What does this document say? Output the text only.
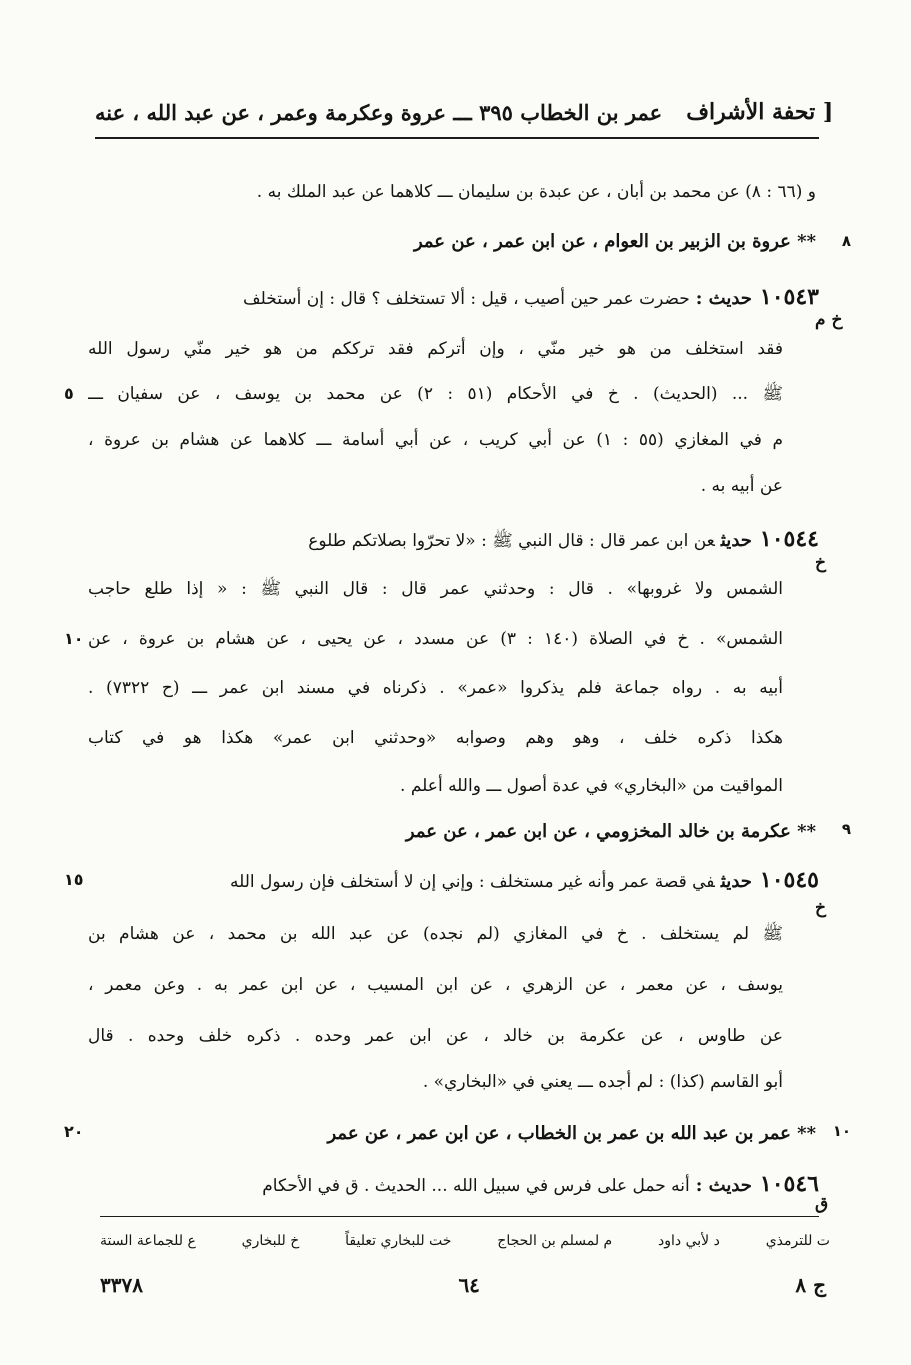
عمر بن الخطاب ٣٩٥ ـــ عروة وعكرمة وعمر ، عن عبد الله ، عنه [ تحفة الأشراف
و (٦٦ : ٨) عن محمد بن أبان ، عن عبدة بن سليمان ـــ كلاهما عن عبد الملك به .
٨
** عروة بن الزبير بن العوام ، عن ابن عمر ، عن عمر
١٠٥٤٣حديث :حضرت عمر حين أصيب ، قيل : ألا تستخلف ؟ قال : إن أستخلف
خ م
فقد استخلف من هو خير منّي ، وإن أتركم فقد ترككم من هو خير منّي رسول الله
ﷺ ... (الحديث) . خ في الأحكام (٥١ : ٢) عن محمد بن يوسف ، عن سفيان ـــ
٥
م في المغازي (٥٥ : ١) عن أبي كريب ، عن أبي أسامة ـــ كلاهما عن هشام بن عروة ،
عن أبيه به .
١٠٥٤٤حديثعن ابن عمر قال : قال النبي ﷺ : «لا تحرّوا بصلاتكم طلوع
خ
الشمس ولا غروبها» . قال : وحدثني عمر قال : قال النبي ﷺ : « إذا طلع حاجب
الشمس» . خ في الصلاة (١٤٠ : ٣) عن مسدد ، عن يحيى ، عن هشام بن عروة ، عن
١٠
أبيه به . رواه جماعة فلم يذكروا «عمر» . ذكرناه في مسند ابن عمر ـــ (ح ٧٣٢٢) .
هكذا ذكره خلف ، وهو وهم وصوابه «وحدثني ابن عمر» هكذا هو في كتاب
المواقيت من «البخاري» في عدة أصول ـــ والله أعلم .
٩
** عكرمة بن خالد المخزومي ، عن ابن عمر ، عن عمر
١٠٥٤٥حديثفي قصة عمر وأنه غير مستخلف : وإني إن لا أستخلف فإن رسول الله
١٥
خ
ﷺ لم يستخلف . خ في المغازي (لم نجده) عن عبد الله بن محمد ، عن هشام بن
يوسف ، عن معمر ، عن الزهري ، عن ابن المسيب ، عن ابن عمر به . وعن معمر ،
عن طاوس ، عن عكرمة بن خالد ، عن ابن عمر وحده . ذكره خلف وحده . قال
أبو القاسم (كذا) : لم أجده ـــ يعني في «البخاري» .
١٠
٢٠	** عمر بن عبد الله بن عمر بن الخطاب ، عن ابن عمر ، عن عمر
١٠٥٤٦حديث :أنه حمل على فرس في سبيل الله ... الحديث . ق في الأحكام
ق
ع للجماعة الستة	خ للبخاري	خت للبخاري تعليقاً	م لمسلم بن الحجاج	د لأبي داود	ت للترمذي
٣٣٧٨	٦٤	ج ٨
